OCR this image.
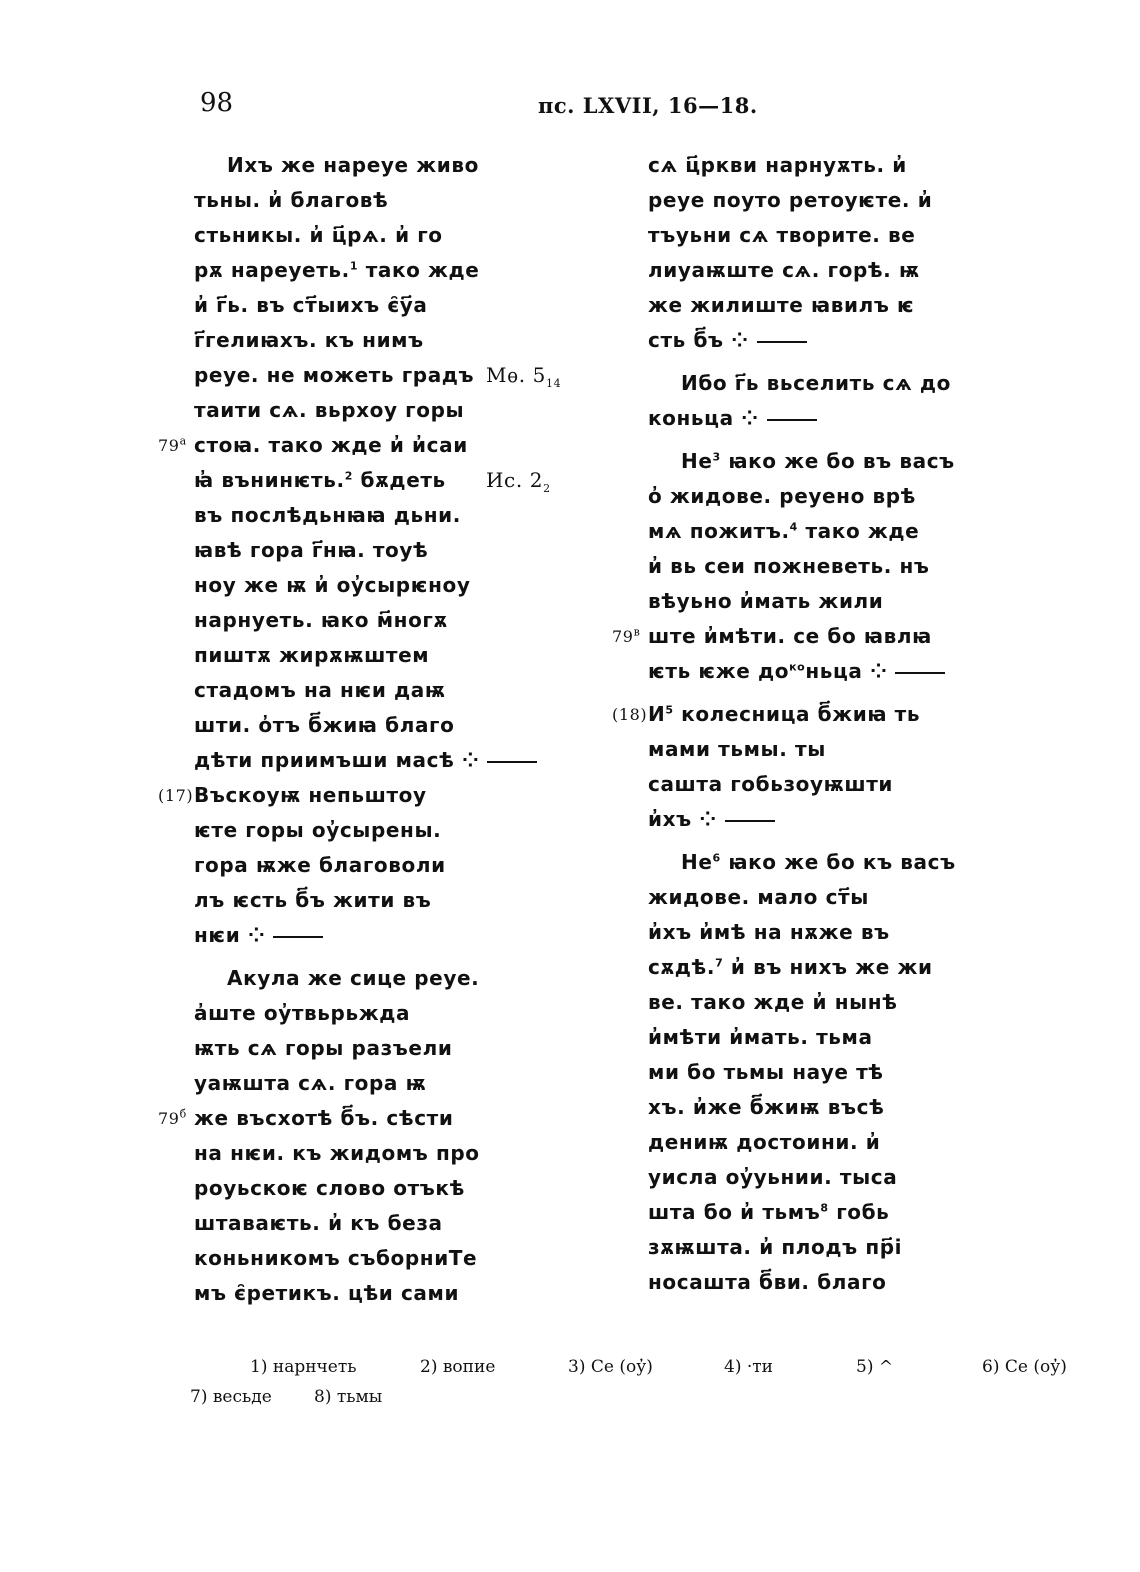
98	пс. LXVII, 16—18.
Ихъ же нареуе живо
тьны. и̓ благовѣ
стьникы. и̓ ц҃рѧ. и̓ го
рѫ нареуеть.$^1$ тако жде
и̓ г҃ь. въ ст҃ыихъ є̑у҃а
г҃гелиꙗхъ. къ нимъ
реуе. не можеть градъ Мѳ. $5_{14}$
таити сѧ. вьрхоу горы
стоꙗ. тако жде и̓ и̓саи
$79^а$
ꙗ̓ вънинѥть.$^2$ бѫдеть Ис. $2_2$
въ послѣдьнꙗꙗ дьни.
ꙗвѣ гора г҃нꙗ. тоуѣ
ноу же ѭ и̓ оу̓сырѥноу
нарнуеть. ꙗко м҃ногѫ
пиштѫ жирѫѭштем
стадомъ на нѥи даѭ
шти. о̓тъ б҃жиꙗ благо
дѣти приимъши масѣ ⁘
Въскоуѭ непьштоу
(17)
ѥте горы оу̓сырены.
гора ѭже благоволи
лъ ѥсть б҃ъ жити въ
нѥи ⁘
Акула же сице реуе.
а̓ште оу̓твьрьжда
ѭть сѧ горы разъели
уаѭшта сѧ. гора ѭ
же въсхотѣ б҃ъ. сѣсти
$79^б$
на нѥи. къ жидомъ про
роуьскоѥ слово отъкѣ
штаваѥть. и̓ къ беза
коньникомъ съборниТе
мъ є̑ретикъ. цѣи сами
сѧ ц҃ркви нарнуѫть. и̓
реуе поуто ретоуѥте. и̓
тъуьни сѧ творите. ве
лиуаѭште сѧ. горѣ. ѭ
же жилиште ꙗвилъ ѥ
сть б҃ъ ⁘
Ибо г҃ь вьселить сѧ до
коньца ⁘
$Не^3$ ꙗко же бо въ васъ
о̓ жидове. реуено врѣ
мѧ пожитъ.$^4$ тако жде
и̓ вь сеи пожневеть. нъ
вѣуьно и̓мать жили
ште и̓мѣти. се бо ꙗвлꙗ
$79^в$
ѥть ѥже $до^{ко}ньца$ ⁘
$И^5$ колесница б҃жиꙗ ть
(18)
мами тьмы. ты
сашта гобьзоуѭшти
и̓хъ ⁘
$Не^6$ ꙗко же бо къ васъ
жидове. мало ст҃ы
и̓хъ и̓мѣ на нѫже въ
сѫдѣ.$^7$ и̓ въ нихъ же жи
ве. тако жде и̓ нынѣ
и̓мѣти и̓мать. тьма
ми бо тьмы науе тѣ
хъ. и̓же б҃жиѭ въсѣ
дениѭ достоини. и̓
уисла оу̓уьнии. тыса
шта бо и̓ тьмъ$^8$ гобь
зѫѭшта. и̓ плодъ пр҃і
носашта б҃ви. благо
1) нарнчеть	2) вопие	3) Се (оу̓)	4) ·ти	5) ^	6) Се (оу̓)
7) весьде 8) тьмы
